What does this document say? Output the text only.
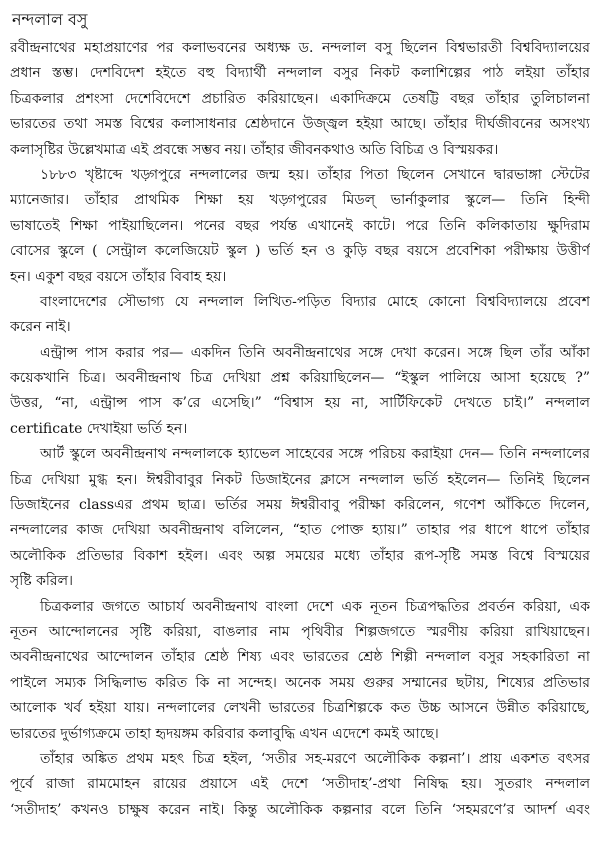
নন্দলাল বসু
রবীন্দ্রনাথের মহাপ্রয়াণের পর কলাভবনের অধ্যক্ষ ড. নন্দলাল বসু ছিলেন বিশ্বভারতী বিশ্ববিদ্যালয়ের
প্রধান স্তম্ভ। দেশবিদেশ হইতে বহু বিদ্যার্থী নন্দলাল বসুর নিকট কলাশিল্পের পাঠ লইয়া তাঁহার
চিত্রকলার প্রশংসা দেশেবিদেশে প্রচারিত করিয়াছেন। একাদিক্রমে তেষট্টি বছর তাঁহার তুলিচালনা
ভারতের তথা সমস্ত বিশ্বের কলাসাধনার শ্রেষ্ঠদানে উজ্জ্বল হইয়া আছে। তাঁহার দীর্ঘজীবনের অসংখ্য
কলাসৃষ্টির উল্লেখমাত্র এই প্রবন্ধে সম্ভব নয়। তাঁহার জীবনকথাও অতি বিচিত্র ও বিস্ময়কর।
১৮৮৩ খৃষ্টাব্দে খড়্গপুরে নন্দলালের জন্ম হয়। তাঁহার পিতা ছিলেন সেখানে দ্বারভাঙ্গা স্টেটের
ম্যানেজার। তাঁহার প্রাথমিক শিক্ষা হয় খড়্গপুরের মিডল্ ভার্নাকুলার স্কুলে— তিনি হিন্দী
ভাষাতেই শিক্ষা পাইয়াছিলেন। পনের বছর পর্যন্ত এখানেই কাটে। পরে তিনি কলিকাতায় ক্ষুদিরাম
বোসের স্কুলে ( সেন্ট্রাল কলেজিয়েট স্কুল ) ভর্তি হন ও কুড়ি বছর বয়সে প্রবেশিকা পরীক্ষায় উত্তীর্ণ
হন। একুশ বছর বয়সে তাঁহার বিবাহ হয়।
বাংলাদেশের সৌভাগ্য যে নন্দলাল লিখিত-পড়িত বিদ্যার মোহে কোনো বিশ্ববিদ্যালয়ে প্রবেশ
করেন নাই।
এন্ট্রান্স পাস করার পর— একদিন তিনি অবনীন্দ্রনাথের সঙ্গে দেখা করেন। সঙ্গে ছিল তাঁর আঁকা
কয়েকখানি চিত্র। অবনীন্দ্রনাথ চিত্র দেখিয়া প্রশ্ন করিয়াছিলেন— “ইস্কুল পালিয়ে আসা হয়েছে ?”
উত্তর, “না, এন্ট্রান্স পাস ক’রে এসেছি।” “বিশ্বাস হয় না, সার্টিফিকেট দেখতে চাই।” নন্দলাল
certificate দেখাইয়া ভর্তি হন।
আর্ট স্কুলে অবনীন্দ্রনাথ নন্দলালকে হ্যাভেল সাহেবের সঙ্গে পরিচয় করাইয়া দেন— তিনি নন্দলালের
চিত্র দেখিয়া মুগ্ধ হন। ঈশ্বরীবাবুর নিকট ডিজাইনের ক্লাসে নন্দলাল ভর্তি হইলেন— তিনিই ছিলেন
ডিজাইনের classএর প্রথম ছাত্র। ভর্তির সময় ঈশ্বরীবাবু পরীক্ষা করিলেন, গণেশ আঁকিতে দিলেন,
নন্দলালের কাজ দেখিয়া অবনীন্দ্রনাথ বলিলেন, “হাত পোক্ত হ্যায়।” তাহার পর ধাপে ধাপে তাঁহার
অলৌকিক প্রতিভার বিকাশ হইল। এবং অল্প সময়ের মধ্যে তাঁহার রূপ-সৃষ্টি সমস্ত বিশ্বে বিস্ময়ের
সৃষ্টি করিল।
চিত্রকলার জগতে আচার্য অবনীন্দ্রনাথ বাংলা দেশে এক নূতন চিত্রপদ্ধতির প্রবর্তন করিয়া, এক
নূতন আন্দোলনের সৃষ্টি করিয়া, বাঙলার নাম পৃথিবীর শিল্পজগতে স্মরণীয় করিয়া রাখিয়াছেন।
অবনীন্দ্রনাথের আন্দোলন তাঁহার শ্রেষ্ঠ শিষ্য এবং ভারতের শ্রেষ্ঠ শিল্পী নন্দলাল বসুর সহকারিতা না
পাইলে সম্যক সিদ্ধিলাভ করিত কি না সন্দেহ। অনেক সময় গুরুর সম্মানের ছটায়, শিষ্যের প্রতিভার
আলোক খর্ব হইয়া যায়। নন্দলালের লেখনী ভারতের চিত্রশিল্পকে কত উচ্চ আসনে উন্নীত করিয়াছে,
ভারতের দুর্ভাগ্যক্রমে তাহা হৃদয়ঙ্গম করিবার কলাবুদ্ধি এখন এদেশে কমই আছে।
তাঁহার অঙ্কিত প্রথম মহৎ চিত্র হইল, ‘সতীর সহ-মরণে অলৌকিক কল্পনা’। প্রায় একশত বৎসর
পূর্বে রাজা রামমোহন রায়ের প্রয়াসে এই দেশে ‘সতীদাহ’-প্রথা নিষিদ্ধ হয়। সুতরাং নন্দলাল
‘সতীদাহ’ কখনও চাক্ষুষ করেন নাই। কিন্তু অলৌকিক কল্পনার বলে তিনি ‘সহমরণে’র আদর্শ এবং
